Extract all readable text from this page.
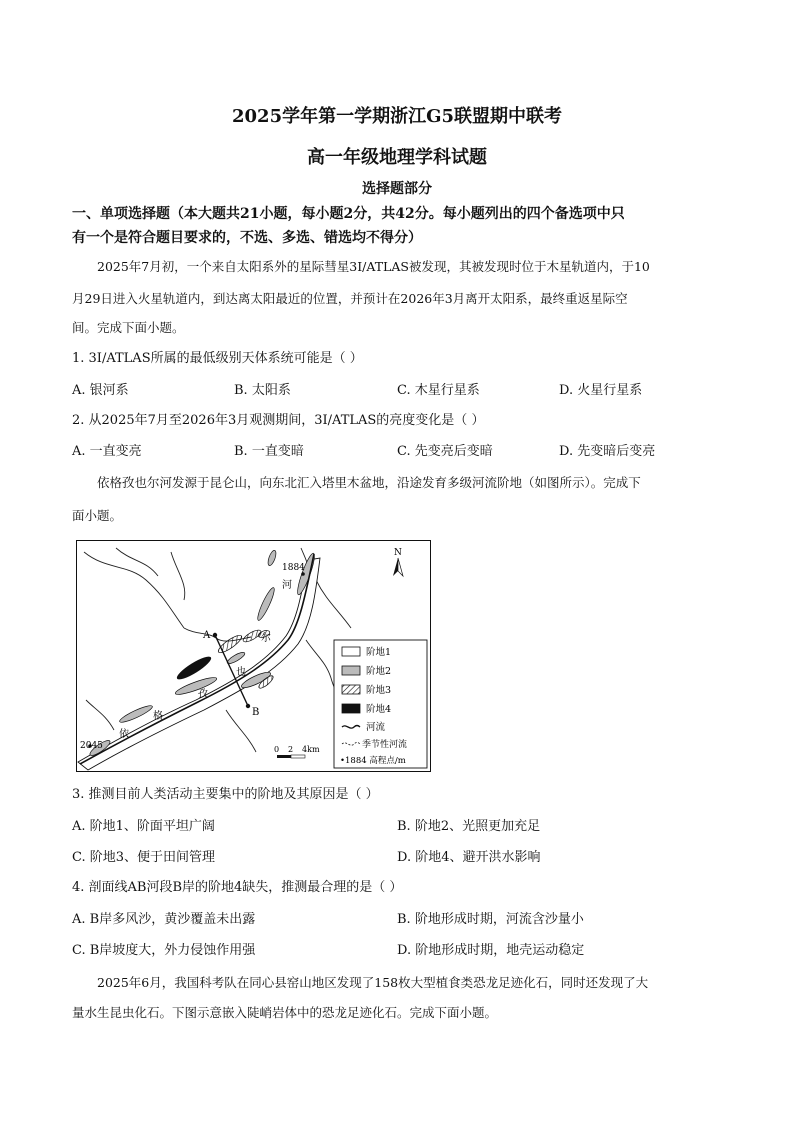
2025学年第一学期浙江G5联盟期中联考
高一年级地理学科试题
选择题部分
一、单项选择题（本大题共21小题，每小题2分，共42分。每小题列出的四个备选项中只
有一个是符合题目要求的，不选、多选、错选均不得分）
2025年7月初，一个来自太阳系外的星际彗星3I/ATLAS被发现，其被发现时位于木星轨道内，于10
月29日进入火星轨道内，到达离太阳最近的位置，并预计在2026年3月离开太阳系，最终重返星际空
间。完成下面小题。
1. 3I/ATLAS所属的最低级别天体系统可能是（ ）
A. 银河系	B. 太阳系	C. 木星行星系	D. 火星行星系
2. 从2025年7月至2026年3月观测期间，3I/ATLAS的亮度变化是（ ）
A. 一直变亮	B. 一直变暗	C. 先变亮后变暗	D. 先变暗后变亮
依格孜也尔河发源于昆仑山，向东北汇入塔里木盆地，沿途发育多级河流阶地（如图所示）。完成下
面小题。
A
B
1884
2045
河
尔
也
孜
格
依
N
0 2 4km
阶地1
阶地2
阶地3
阶地4
河流
季节性河流
•1884 高程点/m
3. 推测目前人类活动主要集中的阶地及其原因是（ ）
A. 阶地1、阶面平坦广阔	B. 阶地2、光照更加充足
C. 阶地3、便于田间管理	D. 阶地4、避开洪水影响
4. 剖面线AB河段B岸的阶地4缺失，推测最合理的是（ ）
A. B岸多风沙，黄沙覆盖未出露	B. 阶地形成时期，河流含沙量小
C. B岸坡度大，外力侵蚀作用强	D. 阶地形成时期，地壳运动稳定
2025年6月，我国科考队在同心县窑山地区发现了158枚大型植食类恐龙足迹化石，同时还发现了大
量水生昆虫化石。下图示意嵌入陡峭岩体中的恐龙足迹化石。完成下面小题。
